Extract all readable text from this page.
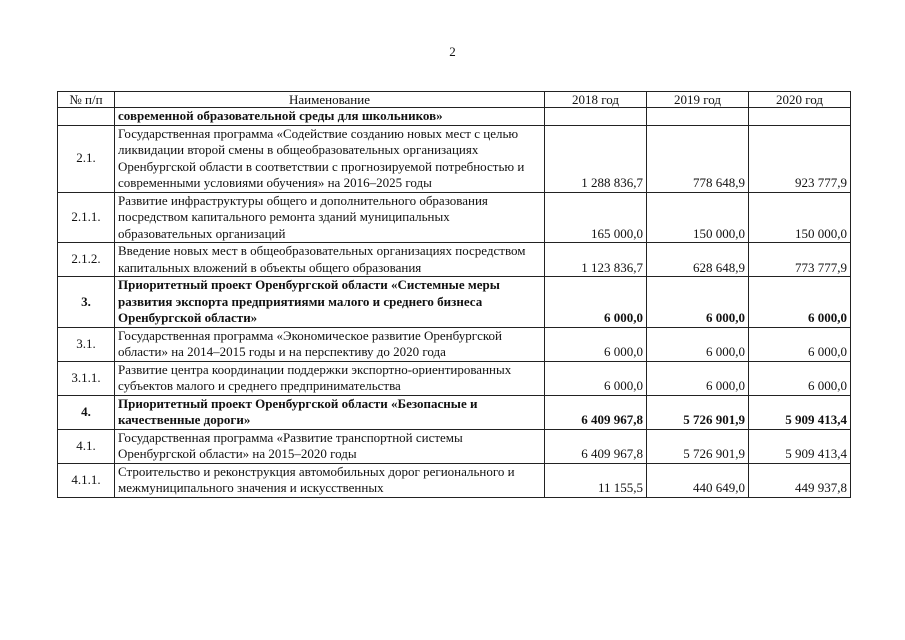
2
№ п/п	Наименование	2018 год	2019 год	2020 год
	современной образовательной среды для школьников»			
2.1.	Государственная программа «Содействие созданию новых мест с целью ликвидации второй смены в общеобразовательных организациях Оренбургской области в соответствии с прогнозируемой потребностью и современными условиями обучения» на 2016–2025 годы	1 288 836,7	778 648,9	923 777,9
2.1.1.	Развитие инфраструктуры общего и дополнительного образования посредством капитального ремонта зданий муниципальных образовательных организаций	165 000,0	150 000,0	150 000,0
2.1.2.	Введение новых мест в общеобразовательных организациях посредством капитальных вложений в объекты общего образования	1 123 836,7	628 648,9	773 777,9
3.	Приоритетный проект Оренбургской области «Системные меры развития экспорта предприятиями малого и среднего бизнеса Оренбургской области»	6 000,0	6 000,0	6 000,0
3.1.	Государственная программа «Экономическое развитие Оренбургской области» на 2014–2015 годы и на перспективу до 2020 года	6 000,0	6 000,0	6 000,0
3.1.1.	Развитие центра координации поддержки экспортно-ориентированных субъектов малого и среднего предпринимательства	6 000,0	6 000,0	6 000,0
4.	Приоритетный проект Оренбургской области «Безопасные и качественные дороги»	6 409 967,8	5 726 901,9	5 909 413,4
4.1.	Государственная программа «Развитие транспортной системы Оренбургской области» на 2015–2020 годы	6 409 967,8	5 726 901,9	5 909 413,4
4.1.1.	Строительство и реконструкция автомобильных дорог регионального и межмуниципального значения и искусственных	11 155,5	440 649,0	449 937,8
